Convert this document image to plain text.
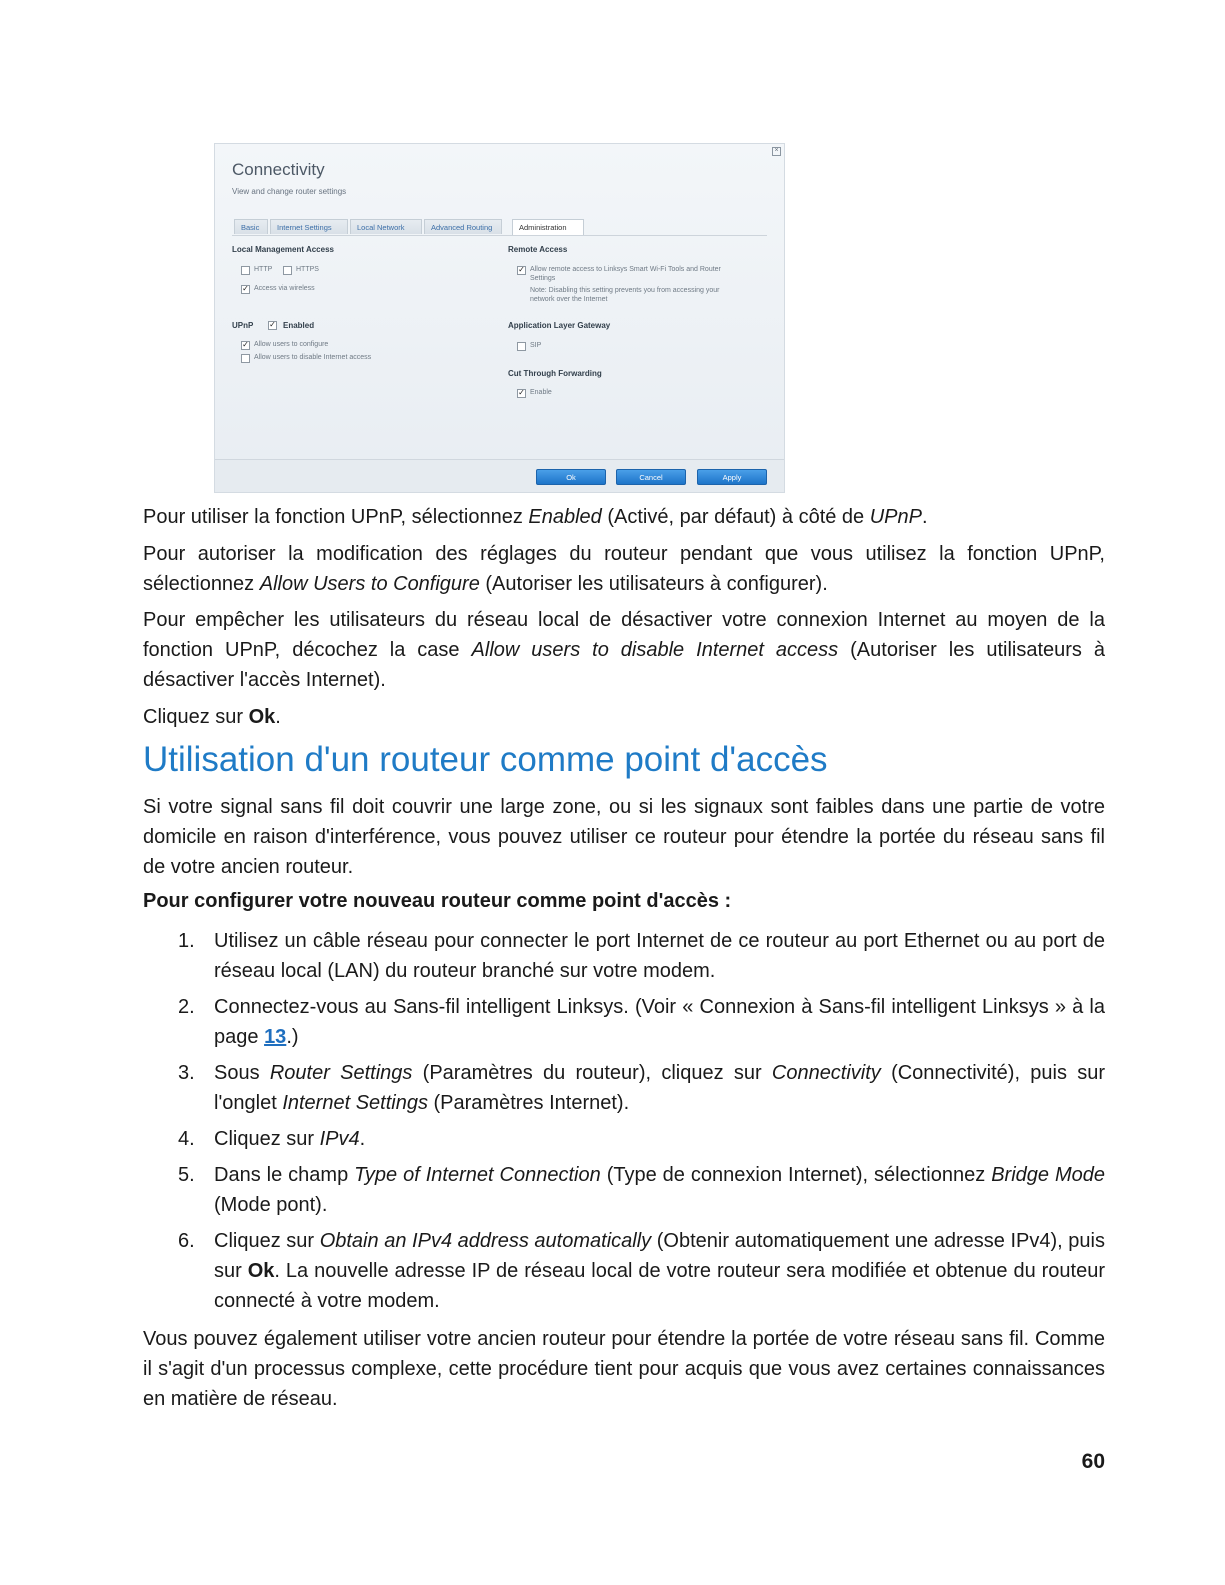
×
Connectivity
View and change router settings
Basic	Internet Settings	Local Network	Advanced Routing	Administration
Local Management Access
HTTP	HTTPS
✓ Access via wireless
UPnP ✓ Enabled
✓ Allow users to configure
Allow users to disable Internet access
Remote Access
✓ Allow remote access to Linksys Smart Wi-Fi Tools and Router
Settings
Note: Disabling this setting prevents you from accessing your
network over the Internet
Application Layer Gateway
SIP
Cut Through Forwarding
✓ Enable
Ok	Cancel	Apply

Pour utiliser la fonction UPnP, sélectionnez Enabled (Activé, par défaut) à côté de UPnP.

Pour autoriser la modification des réglages du routeur pendant que vous utilisez la fonction UPnP, sélectionnez Allow Users to Configure (Autoriser les utilisateurs à configurer).

Pour empêcher les utilisateurs du réseau local de désactiver votre connexion Internet au moyen de la fonction UPnP, décochez la case Allow users to disable Internet access (Autoriser les utilisateurs à désactiver l'accès Internet).

Cliquez sur Ok.

Utilisation d'un routeur comme point d'accès

Si votre signal sans fil doit couvrir une large zone, ou si les signaux sont faibles dans une partie de votre domicile en raison d'interférence, vous pouvez utiliser ce routeur pour étendre la portée du réseau sans fil de votre ancien routeur.

Pour configurer votre nouveau routeur comme point d'accès :
1. Utilisez un câble réseau pour connecter le port Internet de ce routeur au port Ethernet ou au port de réseau local (LAN) du routeur branché sur votre modem.
2. Connectez-vous au Sans-fil intelligent Linksys. (Voir « Connexion à Sans-fil intelligent Linksys » à la page 13.)
3. Sous Router Settings (Paramètres du routeur), cliquez sur Connectivity (Connectivité), puis sur l'onglet Internet Settings (Paramètres Internet).
4. Cliquez sur IPv4.
5. Dans le champ Type of Internet Connection (Type de connexion Internet), sélectionnez Bridge Mode (Mode pont).
6. Cliquez sur Obtain an IPv4 address automatically (Obtenir automatiquement une adresse IPv4), puis sur Ok. La nouvelle adresse IP de réseau local de votre routeur sera modifiée et obtenue du routeur connecté à votre modem.

Vous pouvez également utiliser votre ancien routeur pour étendre la portée de votre réseau sans fil. Comme il s'agit d'un processus complexe, cette procédure tient pour acquis que vous avez certaines connaissances en matière de réseau.

60
